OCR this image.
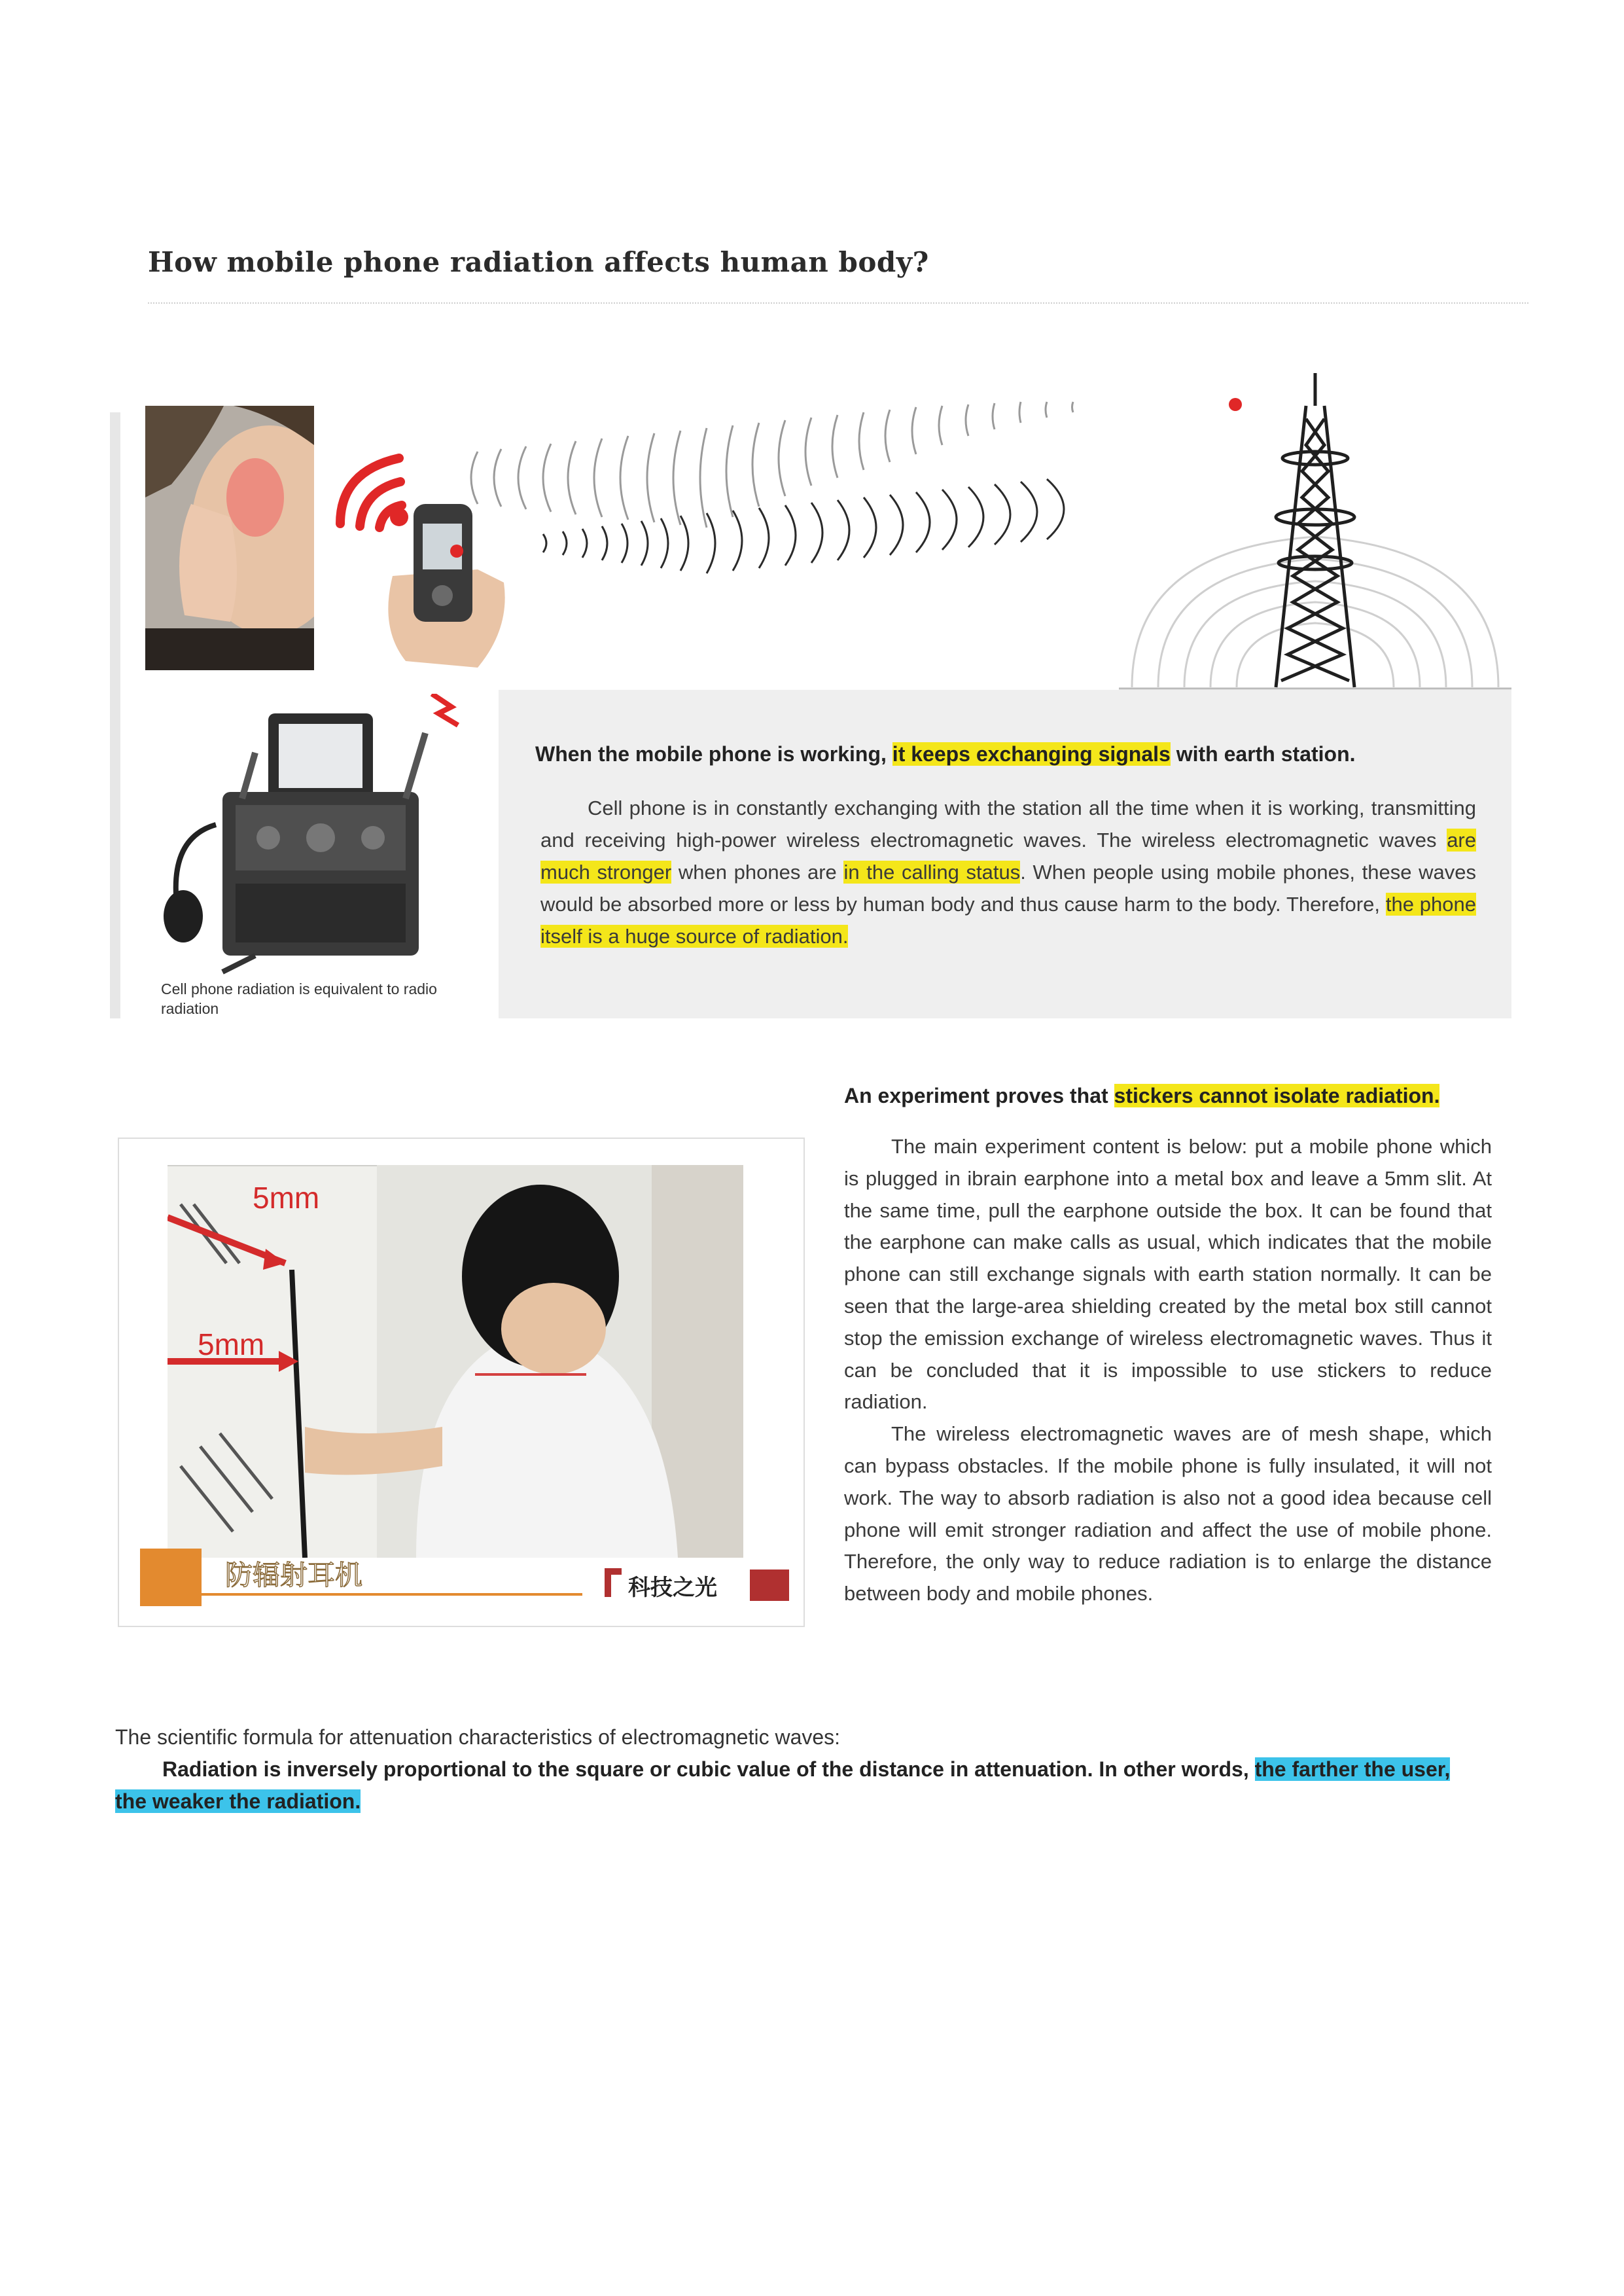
How mobile phone radiation affects human body?
When the mobile phone is working, it keeps exchanging signals with earth station.
Cell phone is in constantly exchanging with the station all the time when it is working, transmitting and receiving high-power wireless electromagnetic waves. The wireless electromagnetic waves are much stronger when phones are in the calling status. When people using mobile phones, these waves would be absorbed more or less by human body and thus cause harm to the body. Therefore, the phone itself is a huge source of radiation.
Cell phone radiation is equivalent to radio radiation
An experiment proves that stickers cannot isolate radiation.
5mm
5mm
防辐射耳机	科技之光
The main experiment content is below: put a mobile phone which is plugged in ibrain earphone into a metal box and leave a 5mm slit. At the same time, pull the earphone outside the box. It can be found that the earphone can make calls as usual, which indicates that the mobile phone can still exchange signals with earth station normally. It can be seen that the large-area shielding created by the metal box still cannot stop the emission exchange of wireless electromagnetic waves. Thus it can be concluded that it is impossible to use stickers to reduce radiation.
The wireless electromagnetic waves are of mesh shape, which can bypass obstacles. If the mobile phone is fully insulated, it will not work. The way to absorb radiation is also not a good idea because cell phone will emit stronger radiation and affect the use of mobile phone. Therefore, the only way to reduce radiation is to enlarge the distance between body and mobile phones.
The scientific formula for attenuation characteristics of electromagnetic waves:
Radiation is inversely proportional to the square or cubic value of the distance in attenuation. In other words, the farther the user, the weaker the radiation.
